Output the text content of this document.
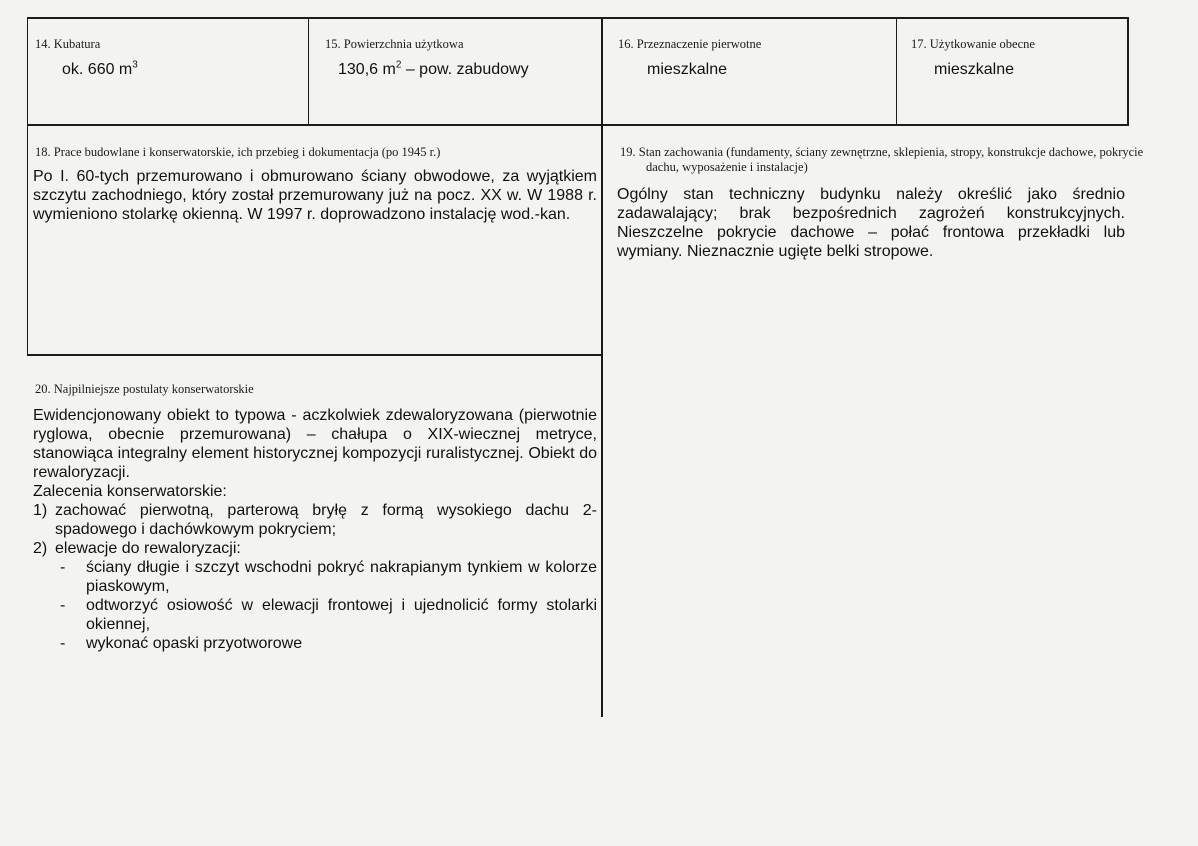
14. Kubatura
ok. 660 $m^3$
15. Powierzchnia użytkowa
130,6 $m^2$ – pow. zabudowy
16. Przeznaczenie pierwotne
mieszkalne
17. Użytkowanie obecne
mieszkalne
18. Prace budowlane i konserwatorskie, ich przebieg i dokumentacja (po 1945 r.)
Po I. 60-tych przemurowano i obmurowano ściany obwodowe, za wyjątkiem szczytu zachodniego, który został przemurowany już na pocz. XX w. W 1988 r. wymieniono stolarkę okienną. W 1997 r. doprowadzono instalację wod.-kan.
19. Stan zachowania (fundamenty, ściany zewnętrzne, sklepienia, stropy, konstrukcje dachowe, pokrycie dachu, wyposażenie i instalacje)
Ogólny stan techniczny budynku należy określić jako średnio zadawalający; brak bezpośrednich zagrożeń konstrukcyjnych. Nieszczelne pokrycie dachowe – połać frontowa przekładki lub wymiany. Nieznacznie ugięte belki stropowe.
20. Najpilniejsze postulaty konserwatorskie
Ewidencjonowany obiekt to typowa - aczkolwiek zdewaloryzowana (pierwotnie ryglowa, obecnie przemurowana) – chałupa o XIX-wiecznej metryce, stanowiąca integralny element historycznej kompozycji ruralistycznej. Obiekt do rewaloryzacji.
Zalecenia konserwatorskie:
1) zachować pierwotną, parterową bryłę z formą wysokiego dachu 2-spadowego i dachówkowym pokryciem;
2) elewacje do rewaloryzacji:
- ściany długie i szczyt wschodni pokryć nakrapianym tynkiem w kolorze piaskowym,
- odtworzyć osiowość w elewacji frontowej i ujednolicić formy stolarki okiennej,
- wykonać opaski przyotworowe
